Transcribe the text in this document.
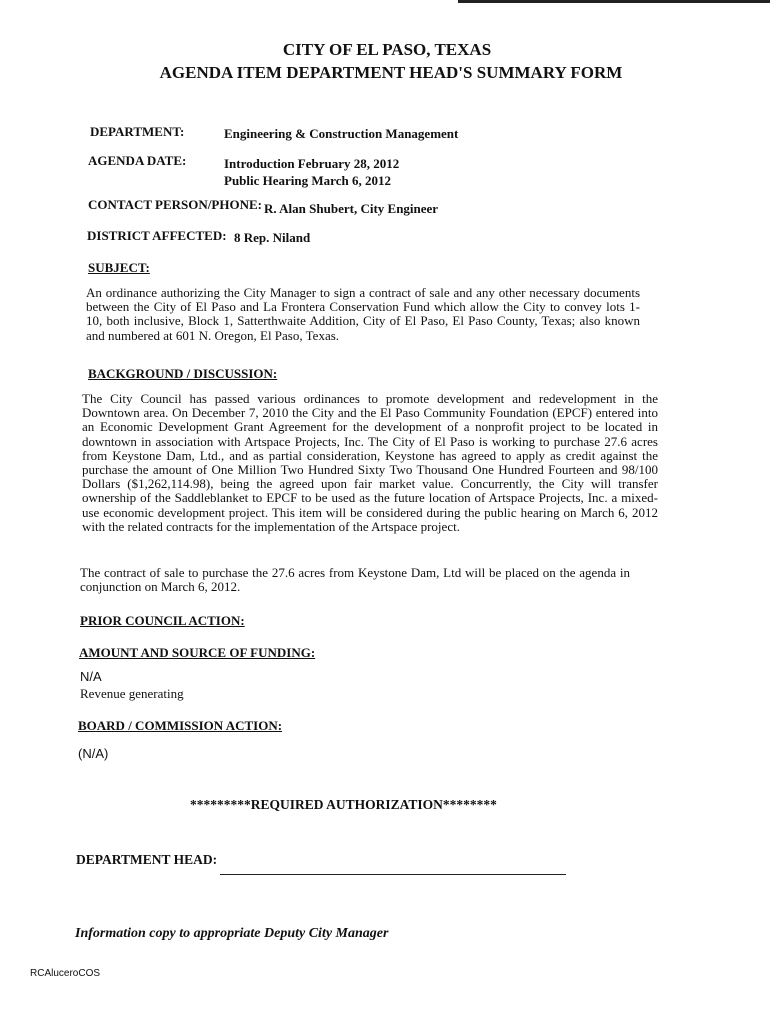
CITY OF EL PASO, TEXAS
AGENDA ITEM DEPARTMENT HEAD'S SUMMARY FORM
DEPARTMENT:	Engineering & Construction Management
AGENDA DATE:	Introduction February 28, 2012
Public Hearing March 6, 2012
CONTACT PERSON/PHONE: R. Alan Shubert, City Engineer
DISTRICT AFFECTED: 8 Rep. Niland
SUBJECT:

An ordinance authorizing the City Manager to sign a contract of sale and any other necessary documents between the City of El Paso and La Frontera Conservation Fund which allow the City to convey lots 1- 10, both inclusive, Block 1, Satterthwaite Addition, City of El Paso, El Paso County, Texas; also known and numbered at 601 N. Oregon, El Paso, Texas.

BACKGROUND / DISCUSSION:

The City Council has passed various ordinances to promote development and redevelopment in the Downtown area. On December 7, 2010 the City and the El Paso Community Foundation (EPCF) entered into an Economic Development Grant Agreement for the development of a nonprofit project to be located in downtown in association with Artspace Projects, Inc. The City of El Paso is working to purchase 27.6 acres from Keystone Dam, Ltd., and as partial consideration, Keystone has agreed to apply as credit against the purchase the amount of One Million Two Hundred Sixty Two Thousand One Hundred Fourteen and 98/100 Dollars ($1,262,114.98), being the agreed upon fair market value. Concurrently, the City will transfer ownership of the Saddleblanket to EPCF to be used as the future location of Artspace Projects, Inc. a mixed-use economic development project. This item will be considered during the public hearing on March 6, 2012 with the related contracts for the implementation of the Artspace project.

The contract of sale to purchase the 27.6 acres from Keystone Dam, Ltd will be placed on the agenda in conjunction on March 6, 2012.

PRIOR COUNCIL ACTION:
AMOUNT AND SOURCE OF FUNDING:
N/A
Revenue generating
BOARD / COMMISSION ACTION:
(N/A)
*********REQUIRED AUTHORIZATION********
DEPARTMENT HEAD:
Information copy to appropriate Deputy City Manager
RCAluceroCOS
